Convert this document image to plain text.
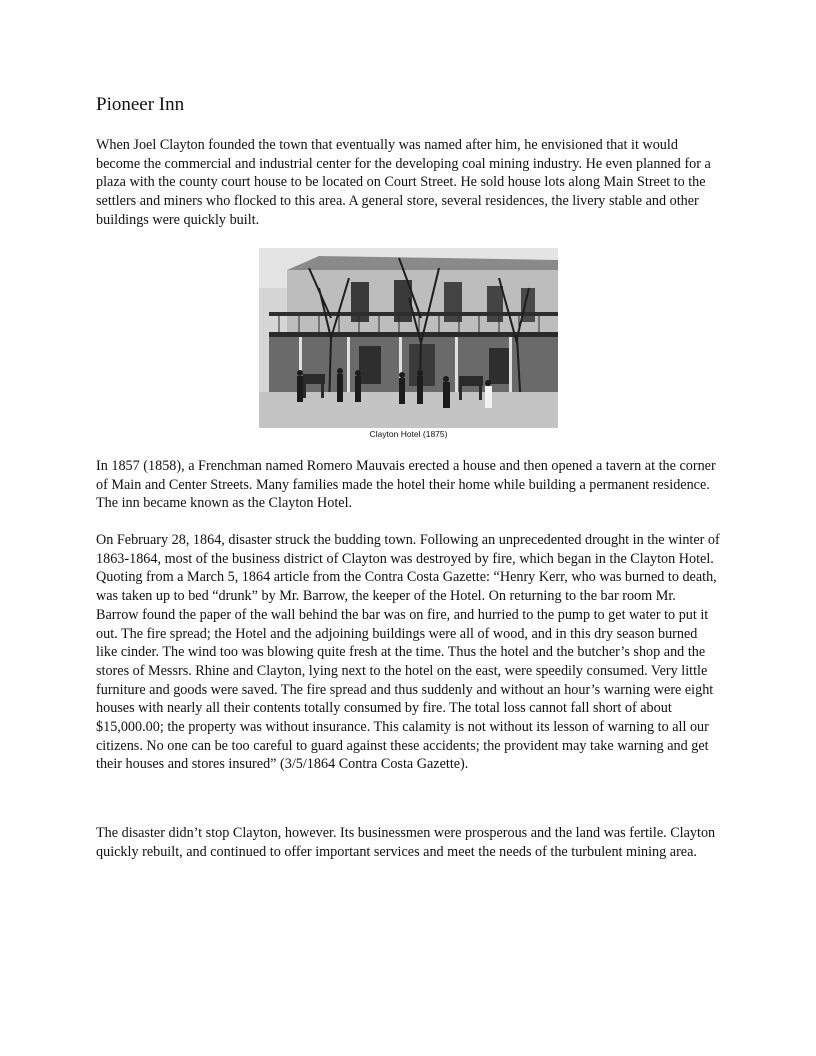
Pioneer Inn

When Joel Clayton founded the town that eventually was named after him, he envisioned that it would become the commercial and industrial center for the developing coal mining industry. He even planned for a plaza with the county court house to be located on Court Street. He sold house lots along Main Street to the settlers and miners who flocked to this area. A general store, several residences, the livery stable and other buildings were quickly built.

Clayton Hotel (1875)

In 1857 (1858), a Frenchman named Romero Mauvais erected a house and then opened a tavern at the corner of Main and Center Streets. Many families made the hotel their home while building a permanent residence. The inn became known as the Clayton Hotel.

On February 28, 1864, disaster struck the budding town. Following an unprecedented drought in the winter of 1863-1864, most of the business district of Clayton was destroyed by fire, which began in the Clayton Hotel. Quoting from a March 5, 1864 article from the Contra Costa Gazette: “Henry Kerr, who was burned to death, was taken up to bed “drunk” by Mr. Barrow, the keeper of the Hotel. On returning to the bar room Mr. Barrow found the paper of the wall behind the bar was on fire, and hurried to the pump to get water to put it out. The fire spread; the Hotel and the adjoining buildings were all of wood, and in this dry season burned like cinder. The wind too was blowing quite fresh at the time. Thus the hotel and the butcher’s shop and the stores of Messrs. Rhine and Clayton, lying next to the hotel on the east, were speedily consumed. Very little furniture and goods were saved. The fire spread and thus suddenly and without an hour’s warning were eight houses with nearly all their contents totally consumed by fire. The total loss cannot fall short of about $15,000.00; the property was without insurance. This calamity is not without its lesson of warning to all our citizens. No one can be too careful to guard against these accidents; the provident may take warning and get their houses and stores insured” (3/5/1864 Contra Costa Gazette).

The disaster didn’t stop Clayton, however. Its businessmen were prosperous and the land was fertile. Clayton quickly rebuilt, and continued to offer important services and meet the needs of the turbulent mining area.
